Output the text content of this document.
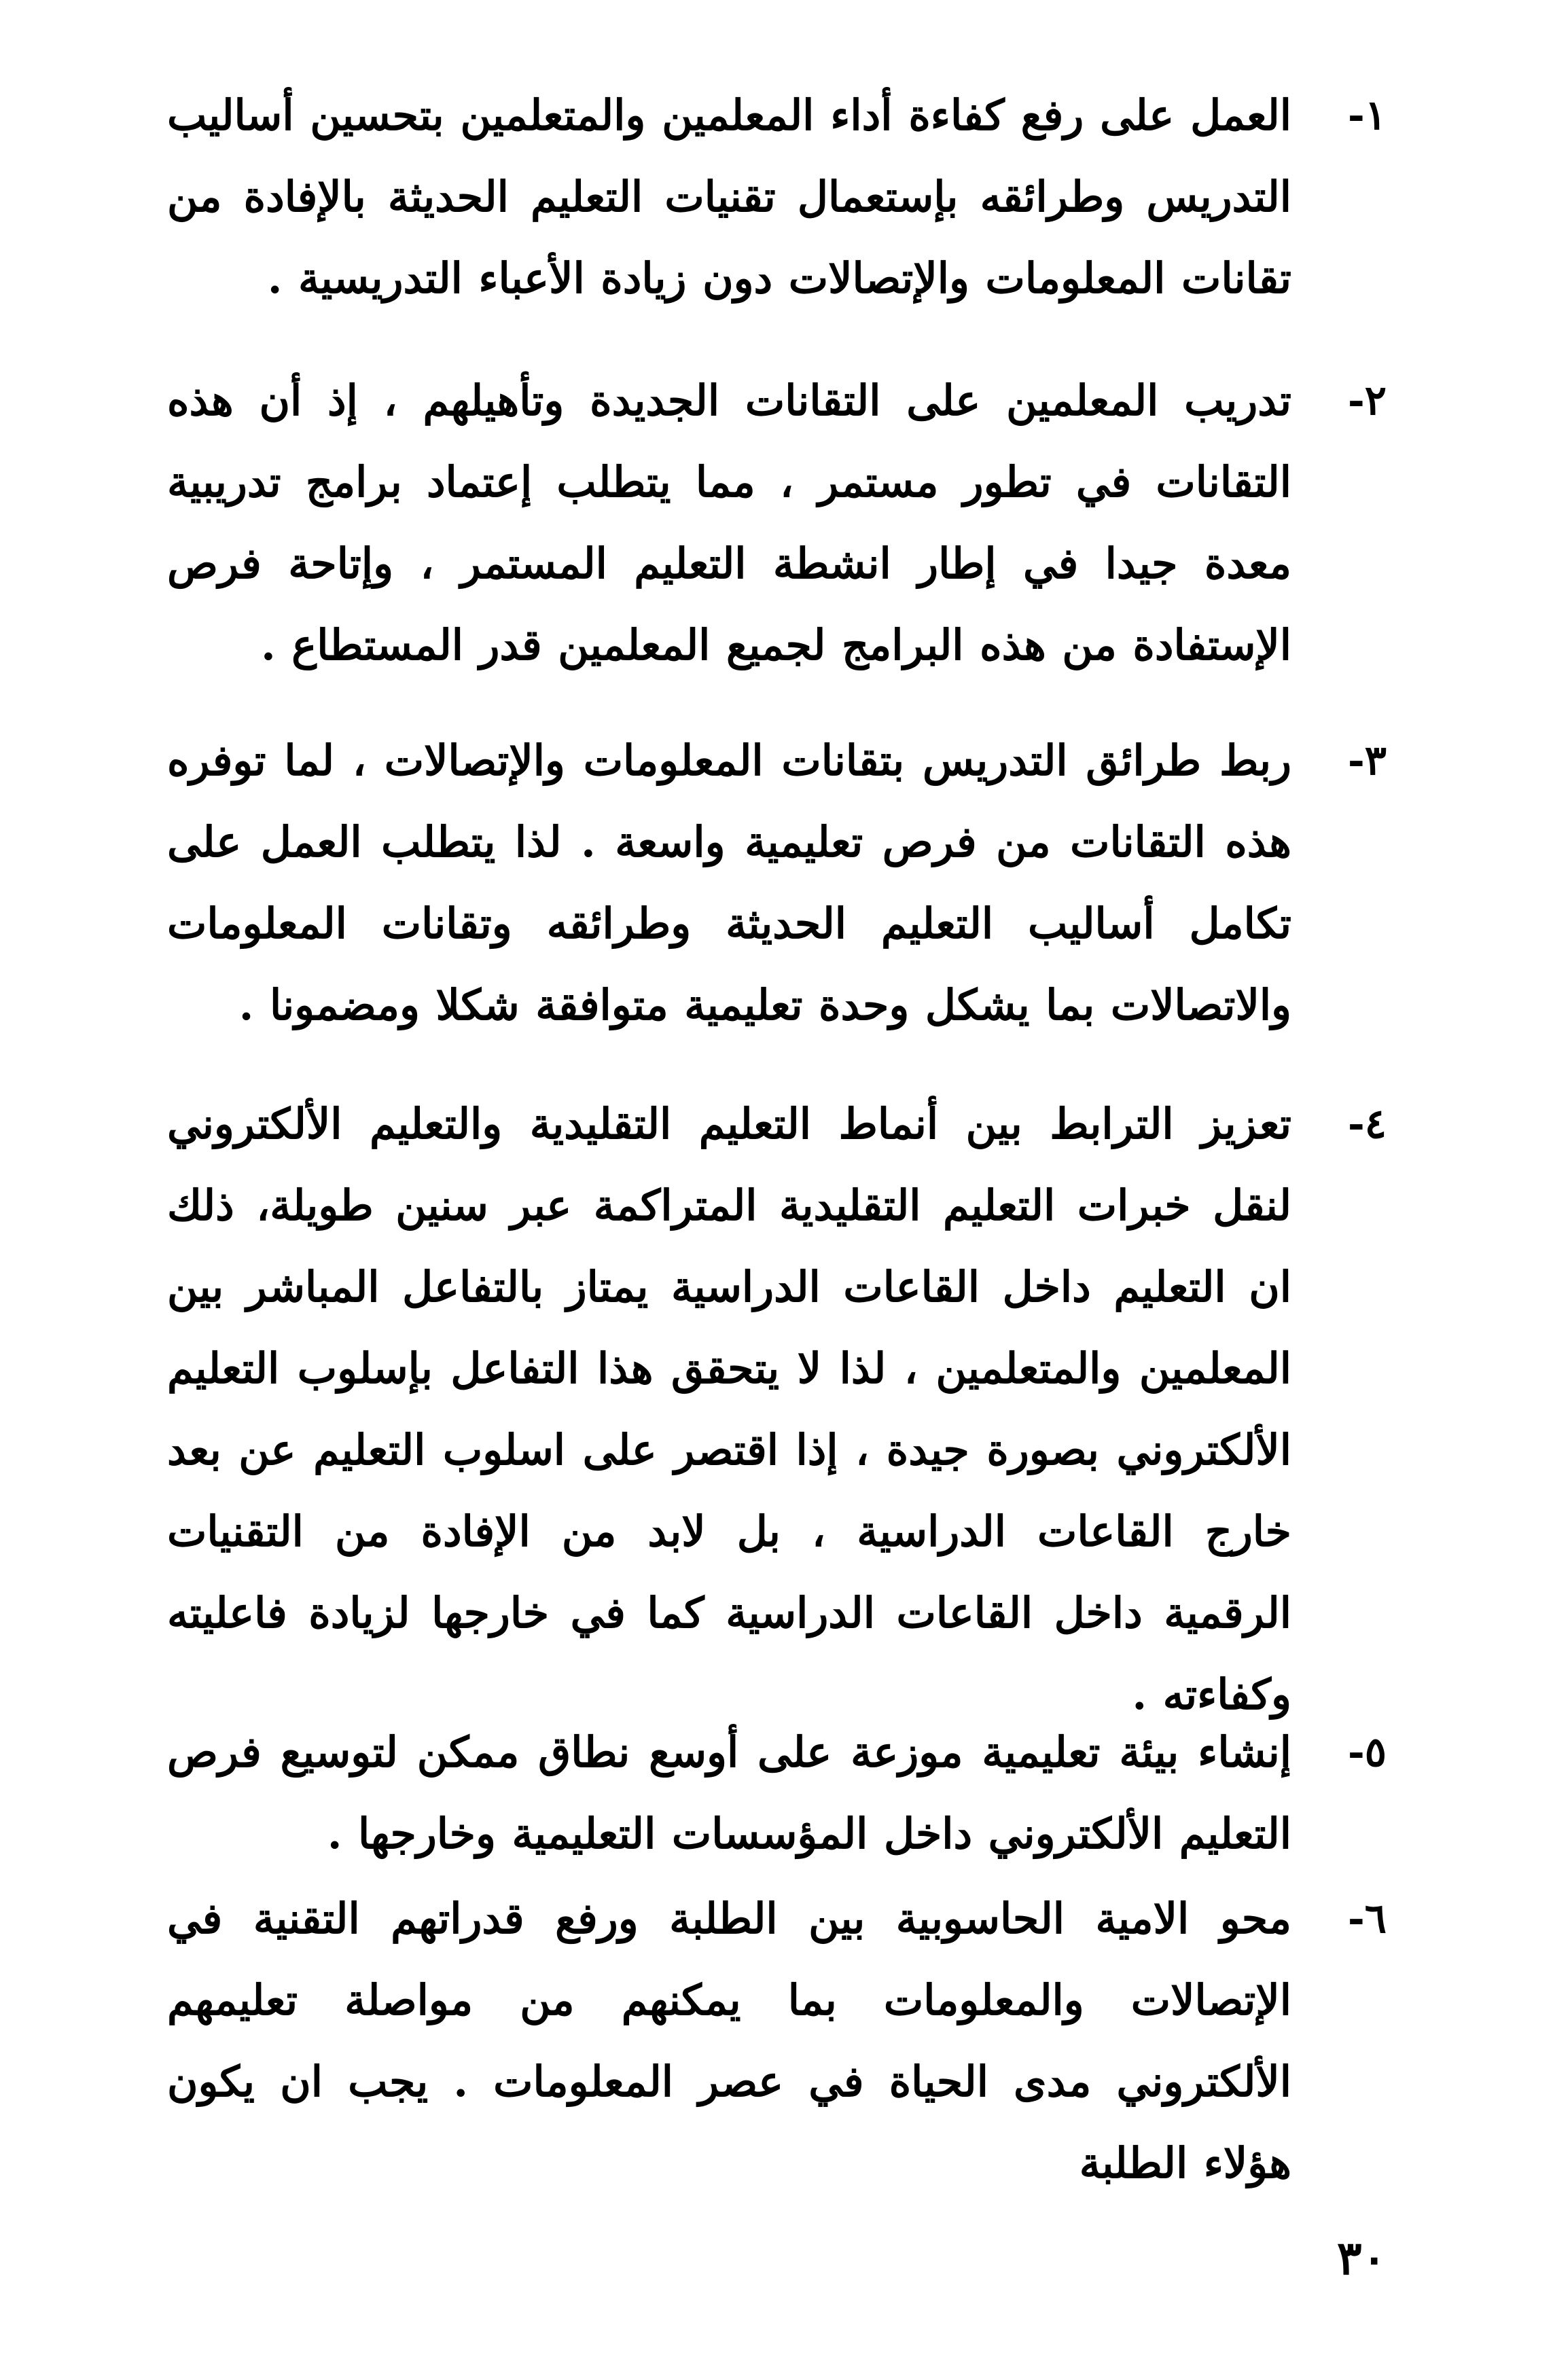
١-
العمل على رفع كفاءة أداء المعلمين والمتعلمين بتحسين أساليب التدريس وطرائقه بإستعمال تقنيات التعليم الحديثة بالإفادة من تقانات المعلومات والإتصالات دون زيادة الأعباء التدريسية .
٢-
تدريب المعلمين على التقانات الجديدة وتأهيلهم ، إذ أن هذه التقانات في تطور مستمر ، مما يتطلب إعتماد برامج تدريبية معدة جيدا في إطار انشطة التعليم المستمر ، وإتاحة فرص الإستفادة من هذه البرامج لجميع المعلمين قدر المستطاع .
٣-
ربط طرائق التدريس بتقانات المعلومات والإتصالات ، لما توفره هذه التقانات من فرص تعليمية واسعة . لذا يتطلب العمل على تكامل أساليب التعليم الحديثة وطرائقه وتقانات المعلومات والاتصالات بما يشكل وحدة تعليمية متوافقة شكلا ومضمونا .
٤-
تعزيز الترابط بين أنماط التعليم التقليدية والتعليم الألكتروني لنقل خبرات التعليم التقليدية المتراكمة عبر سنين طويلة، ذلك ان التعليم داخل القاعات الدراسية يمتاز بالتفاعل المباشر بين المعلمين والمتعلمين ، لذا لا يتحقق هذا التفاعل بإسلوب التعليم الألكتروني بصورة جيدة ، إذا اقتصر على اسلوب التعليم عن بعد خارج القاعات الدراسية ، بل لابد من الإفادة من التقنيات الرقمية داخل القاعات الدراسية كما في خارجها لزيادة فاعليته وكفاءته .
٥-
إنشاء بيئة تعليمية موزعة على أوسع نطاق ممكن لتوسيع فرص التعليم الألكتروني داخل المؤسسات التعليمية وخارجها .
٦-
محو الامية الحاسوبية بين الطلبة ورفع قدراتهم التقنية في الإتصالات والمعلومات بما يمكنهم من مواصلة تعليمهم الألكتروني مدى الحياة في عصر المعلومات . يجب ان يكون هؤلاء الطلبة
٣٠
